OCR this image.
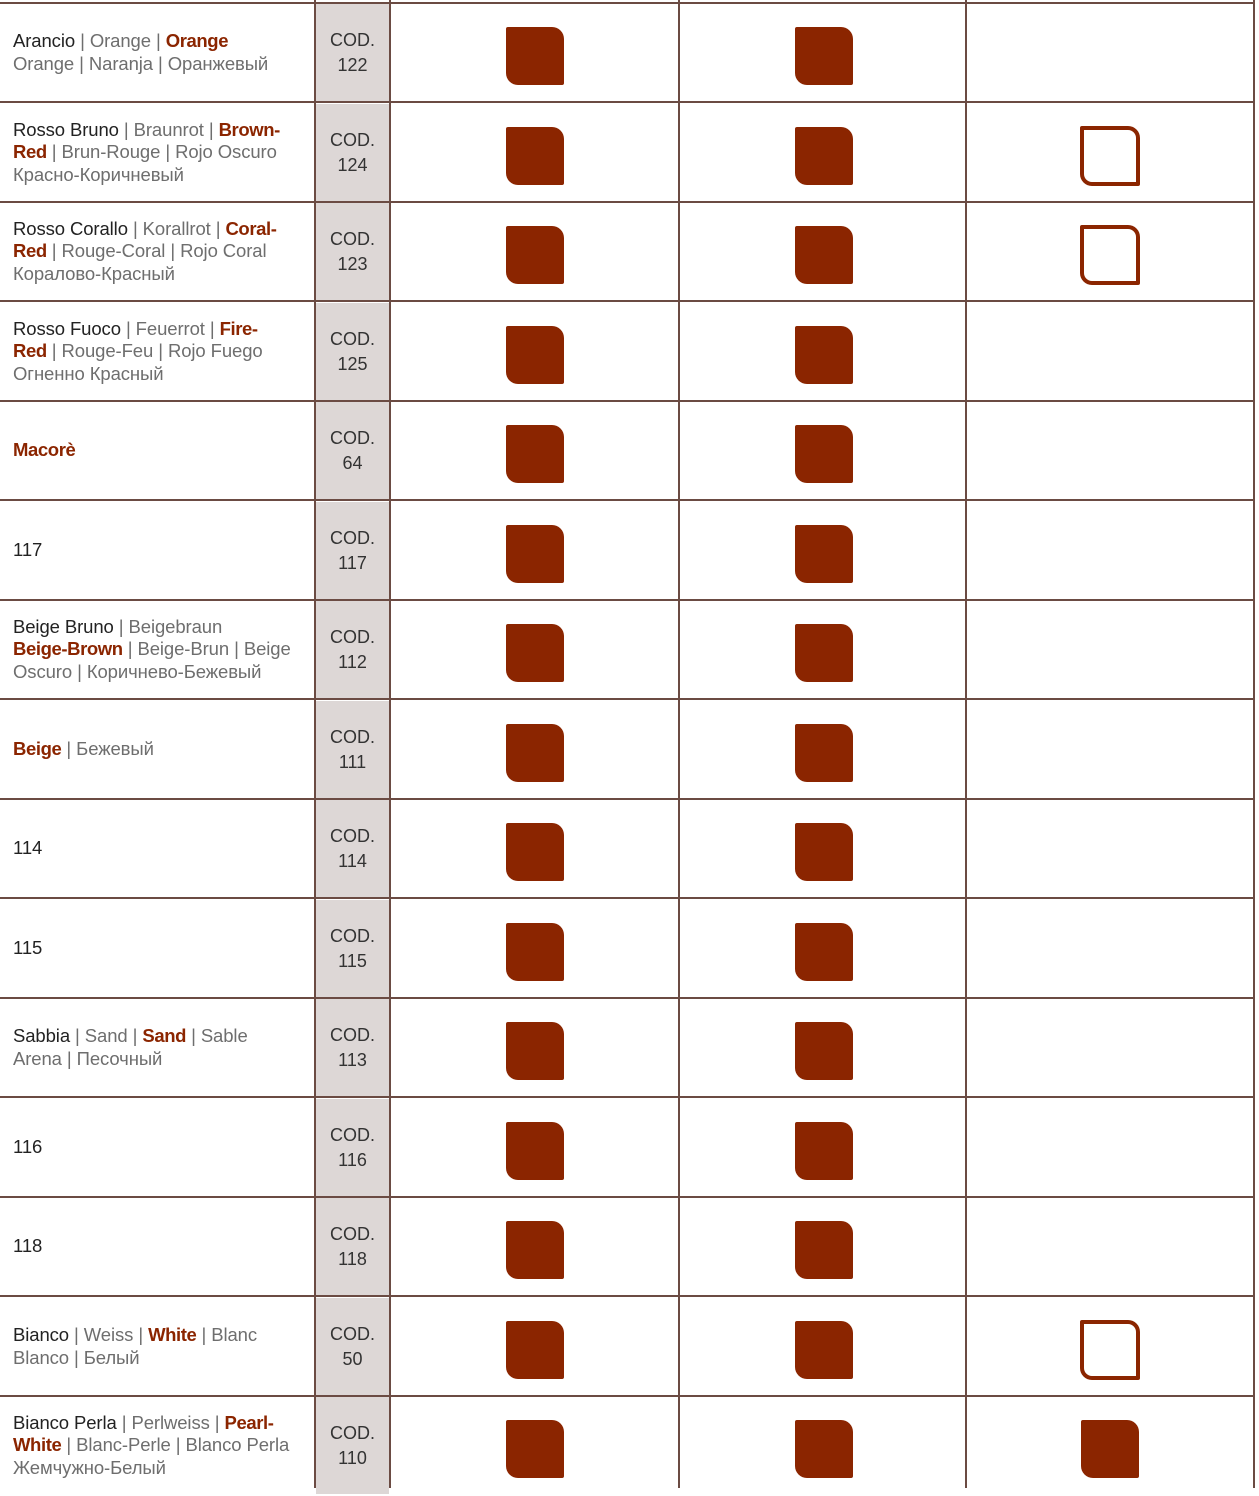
Arancio | Orange | Orange
Orange | Naranja | Оранжевый
COD.
122
Rosso Bruno | Braunrot | Brown-
Red | Brun-Rouge | Rojo Oscuro
Красно-Коричневый
COD.
124
Rosso Corallo | Korallrot | Coral-
Red | Rouge-Coral | Rojo Coral
Коралово-Красный
COD.
123
Rosso Fuoco | Feuerrot | Fire-
Red | Rouge-Feu | Rojo Fuego
Огненно Красный
COD.
125
Macorè
COD.
64
117
COD.
117
Beige Bruno | Beigebraun
Beige-Brown | Beige-Brun | Beige
Oscuro | Коричнево-Бежевый
COD.
112
Beige | Бежевый
COD.
111
114
COD.
114
115
COD.
115
Sabbia | Sand | Sand | Sable
Arena | Песочный
COD.
113
116
COD.
116
118
COD.
118
Bianco | Weiss | White | Blanc
Blanco | Белый
COD.
50
Bianco Perla | Perlweiss | Pearl-
White | Blanc-Perle | Blanco Perla
Жемчужно-Белый
COD.
110
